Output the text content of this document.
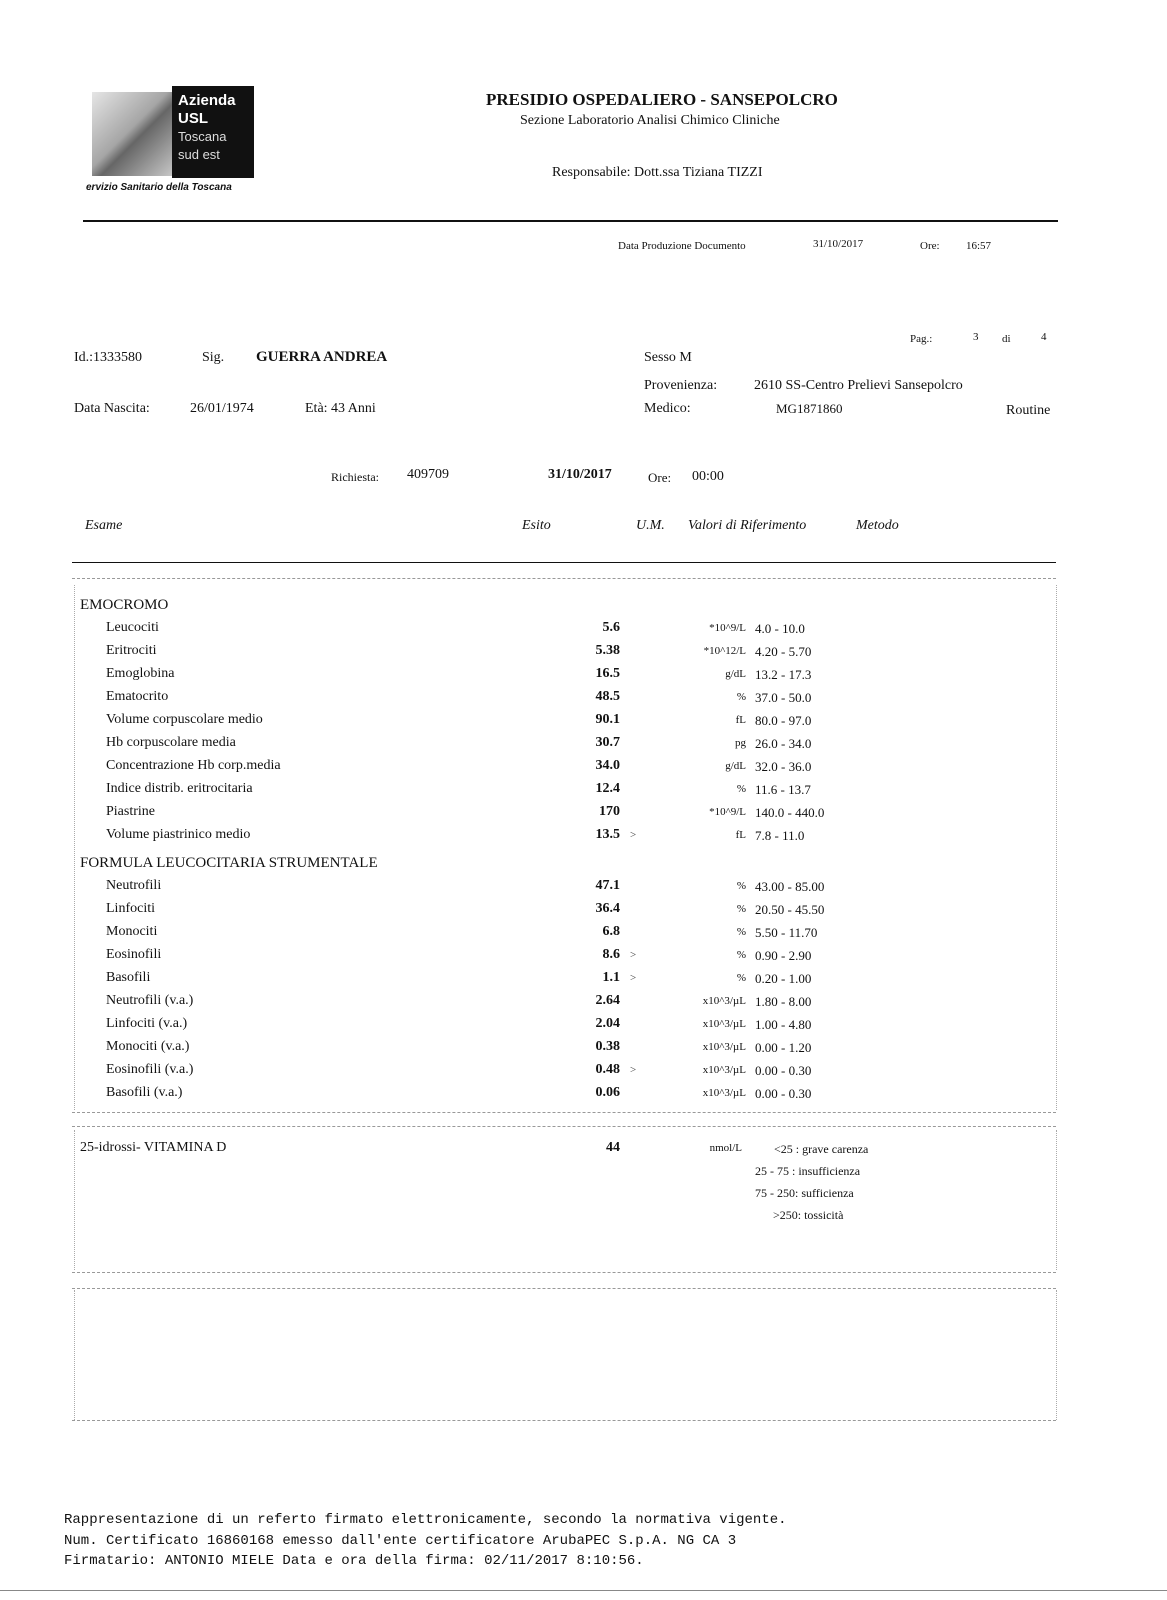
Azienda
USL
Toscana
sud est
ervizio Sanitario della Toscana
PRESIDIO OSPEDALIERO - SANSEPOLCRO
Sezione Laboratorio Analisi Chimico Cliniche
Responsabile: Dott.ssa Tiziana TIZZI
Data Produzione Documento	31/10/2017	Ore: 16:57
Pag.:	3 di	4
Id.:1333580	Sig. GUERRA ANDREA	Sesso M
Provenienza:	2610 SS-Centro Prelievi Sansepolcro
Data Nascita:	26/01/1974	Età: 43 Anni	Medico:	MG1871860	Routine
Richiesta: 409709	31/10/2017	Ore: 00:00
Esame	Esito	U.M. Valori di Riferimento	Metodo
EMOCROMO
Leucociti	5.6	*10^9/L 4.0 - 10.0
Eritrociti	5.38	*10^12/L 4.20 - 5.70
Emoglobina	16.5	g/dL 13.2 - 17.3
Ematocrito	48.5	% 37.0 - 50.0
Volume corpuscolare medio	90.1	fL 80.0 - 97.0
Hb corpuscolare media	30.7	pg 26.0 - 34.0
Concentrazione Hb corp.media	34.0	g/dL 32.0 - 36.0
Indice distrib. eritrocitaria	12.4	% 11.6 - 13.7
Piastrine	170	*10^9/L 140.0 - 440.0
Volume piastrinico medio	13.5 >	fL 7.8 - 11.0
FORMULA LEUCOCITARIA STRUMENTALE
Neutrofili	47.1	% 43.00 - 85.00
Linfociti	36.4	% 20.50 - 45.50
Monociti	6.8	% 5.50 - 11.70
Eosinofili	8.6 >	% 0.90 - 2.90
Basofili	1.1 >	% 0.20 - 1.00
Neutrofili (v.a.)	2.64	x10^3/µL 1.80 - 8.00
Linfociti (v.a.)	2.04	x10^3/µL 1.00 - 4.80
Monociti (v.a.)	0.38	x10^3/µL 0.00 - 1.20
Eosinofili (v.a.)	0.48 >	x10^3/µL 0.00 - 0.30
Basofili (v.a.)	0.06	x10^3/µL 0.00 - 0.30
25-idrossi- VITAMINA D	44	nmol/L	<25 : grave carenza
25 - 75 : insufficienza
75 - 250: sufficienza
>250: tossicità
Rappresentazione di un referto firmato elettronicamente, secondo la normativa vigente.
Num. Certificato 16860168 emesso dall'ente certificatore ArubaPEC S.p.A. NG CA 3
Firmatario: ANTONIO MIELE Data e ora della firma: 02/11/2017 8:10:56.
